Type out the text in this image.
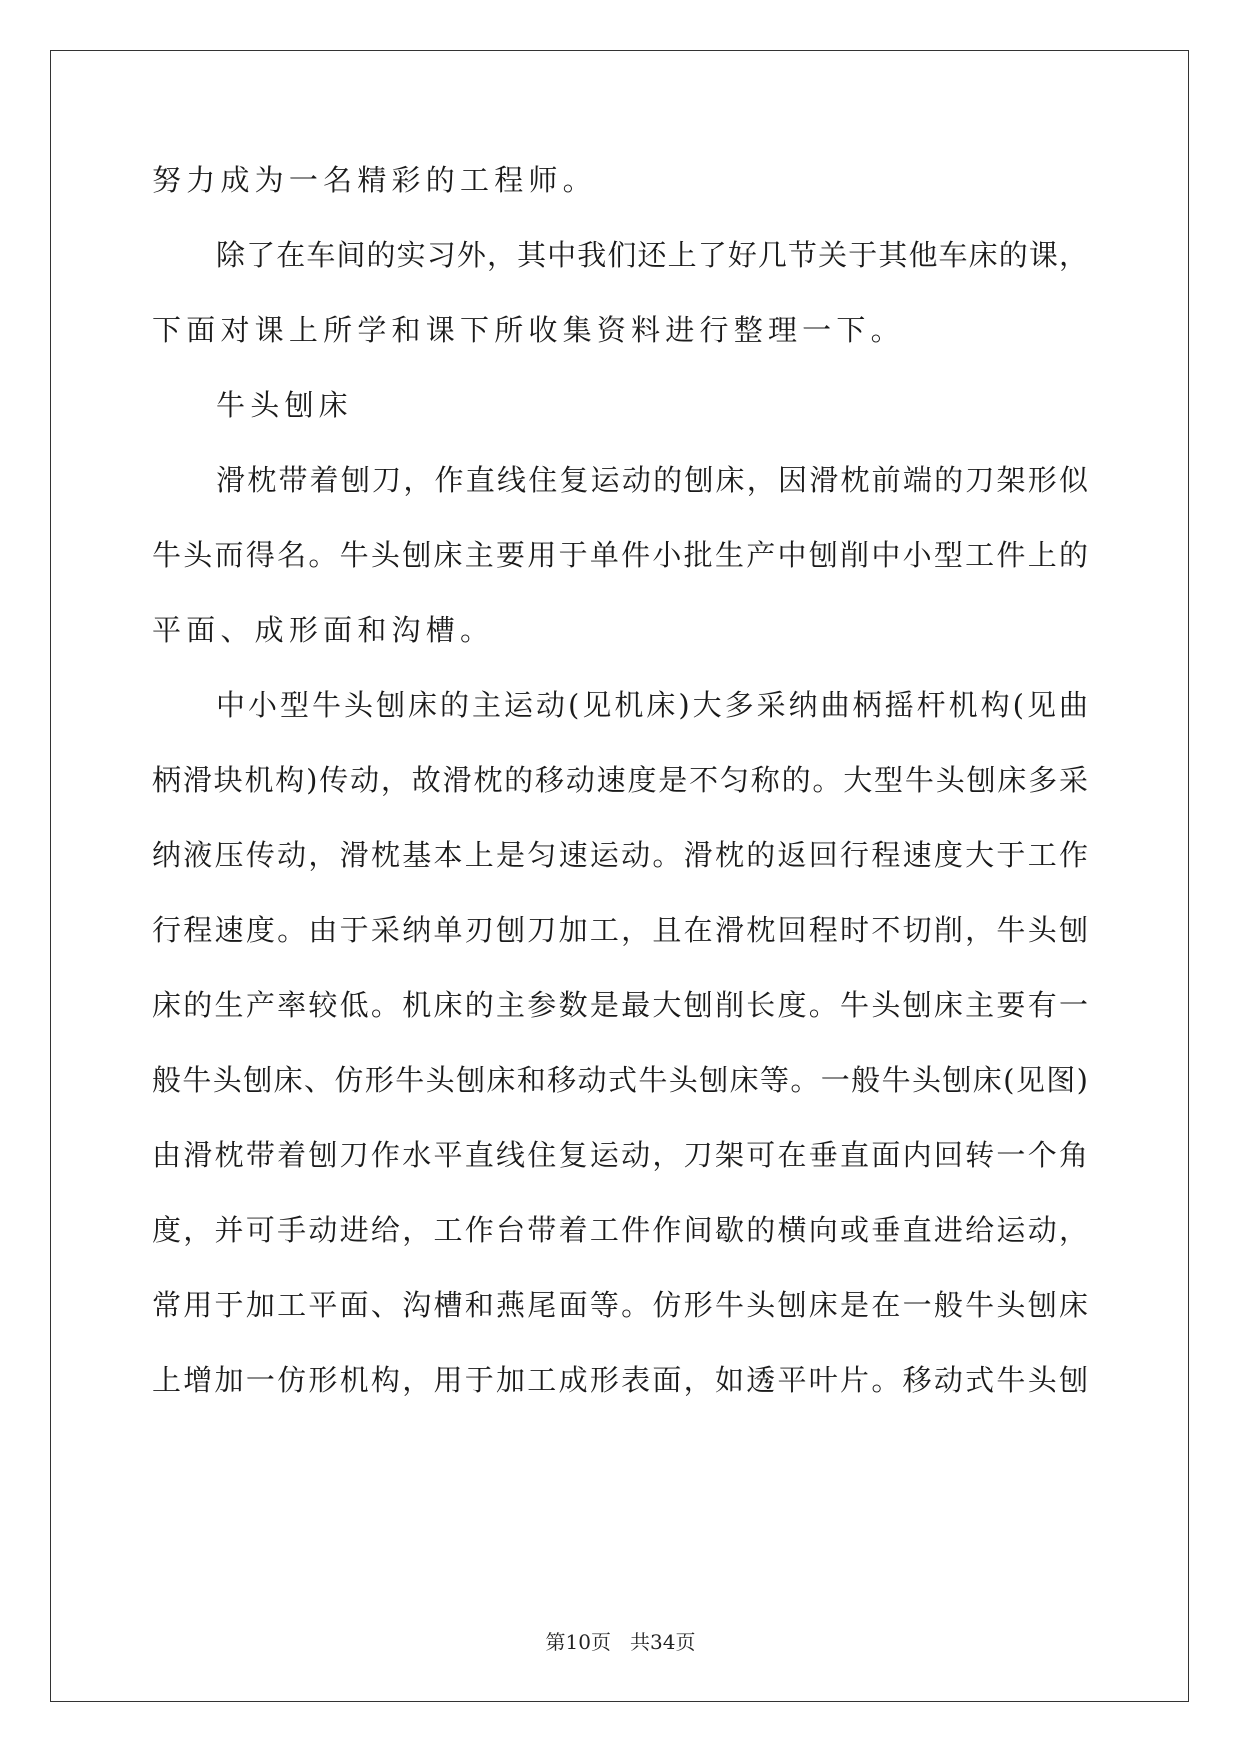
努力成为一名精彩的工程师。
除了在车间的实习外，其中我们还上了好几节关于其他车床的课，
下面对课上所学和课下所收集资料进行整理一下。
牛头刨床
滑枕带着刨刀，作直线住复运动的刨床，因滑枕前端的刀架形似
牛头而得名。牛头刨床主要用于单件小批生产中刨削中小型工件上的
平面、成形面和沟槽。
中小型牛头刨床的主运动(见机床)大多采纳曲柄摇杆机构(见曲
柄滑块机构)传动，故滑枕的移动速度是不匀称的。大型牛头刨床多采
纳液压传动，滑枕基本上是匀速运动。滑枕的返回行程速度大于工作
行程速度。由于采纳单刃刨刀加工，且在滑枕回程时不切削，牛头刨
床的生产率较低。机床的主参数是最大刨削长度。牛头刨床主要有一
般牛头刨床、仿形牛头刨床和移动式牛头刨床等。一般牛头刨床(见图)
由滑枕带着刨刀作水平直线住复运动，刀架可在垂直面内回转一个角
度，并可手动进给，工作台带着工件作间歇的横向或垂直进给运动，
常用于加工平面、沟槽和燕尾面等。仿形牛头刨床是在一般牛头刨床
上增加一仿形机构，用于加工成形表面，如透平叶片。移动式牛头刨
第10页 共34页
